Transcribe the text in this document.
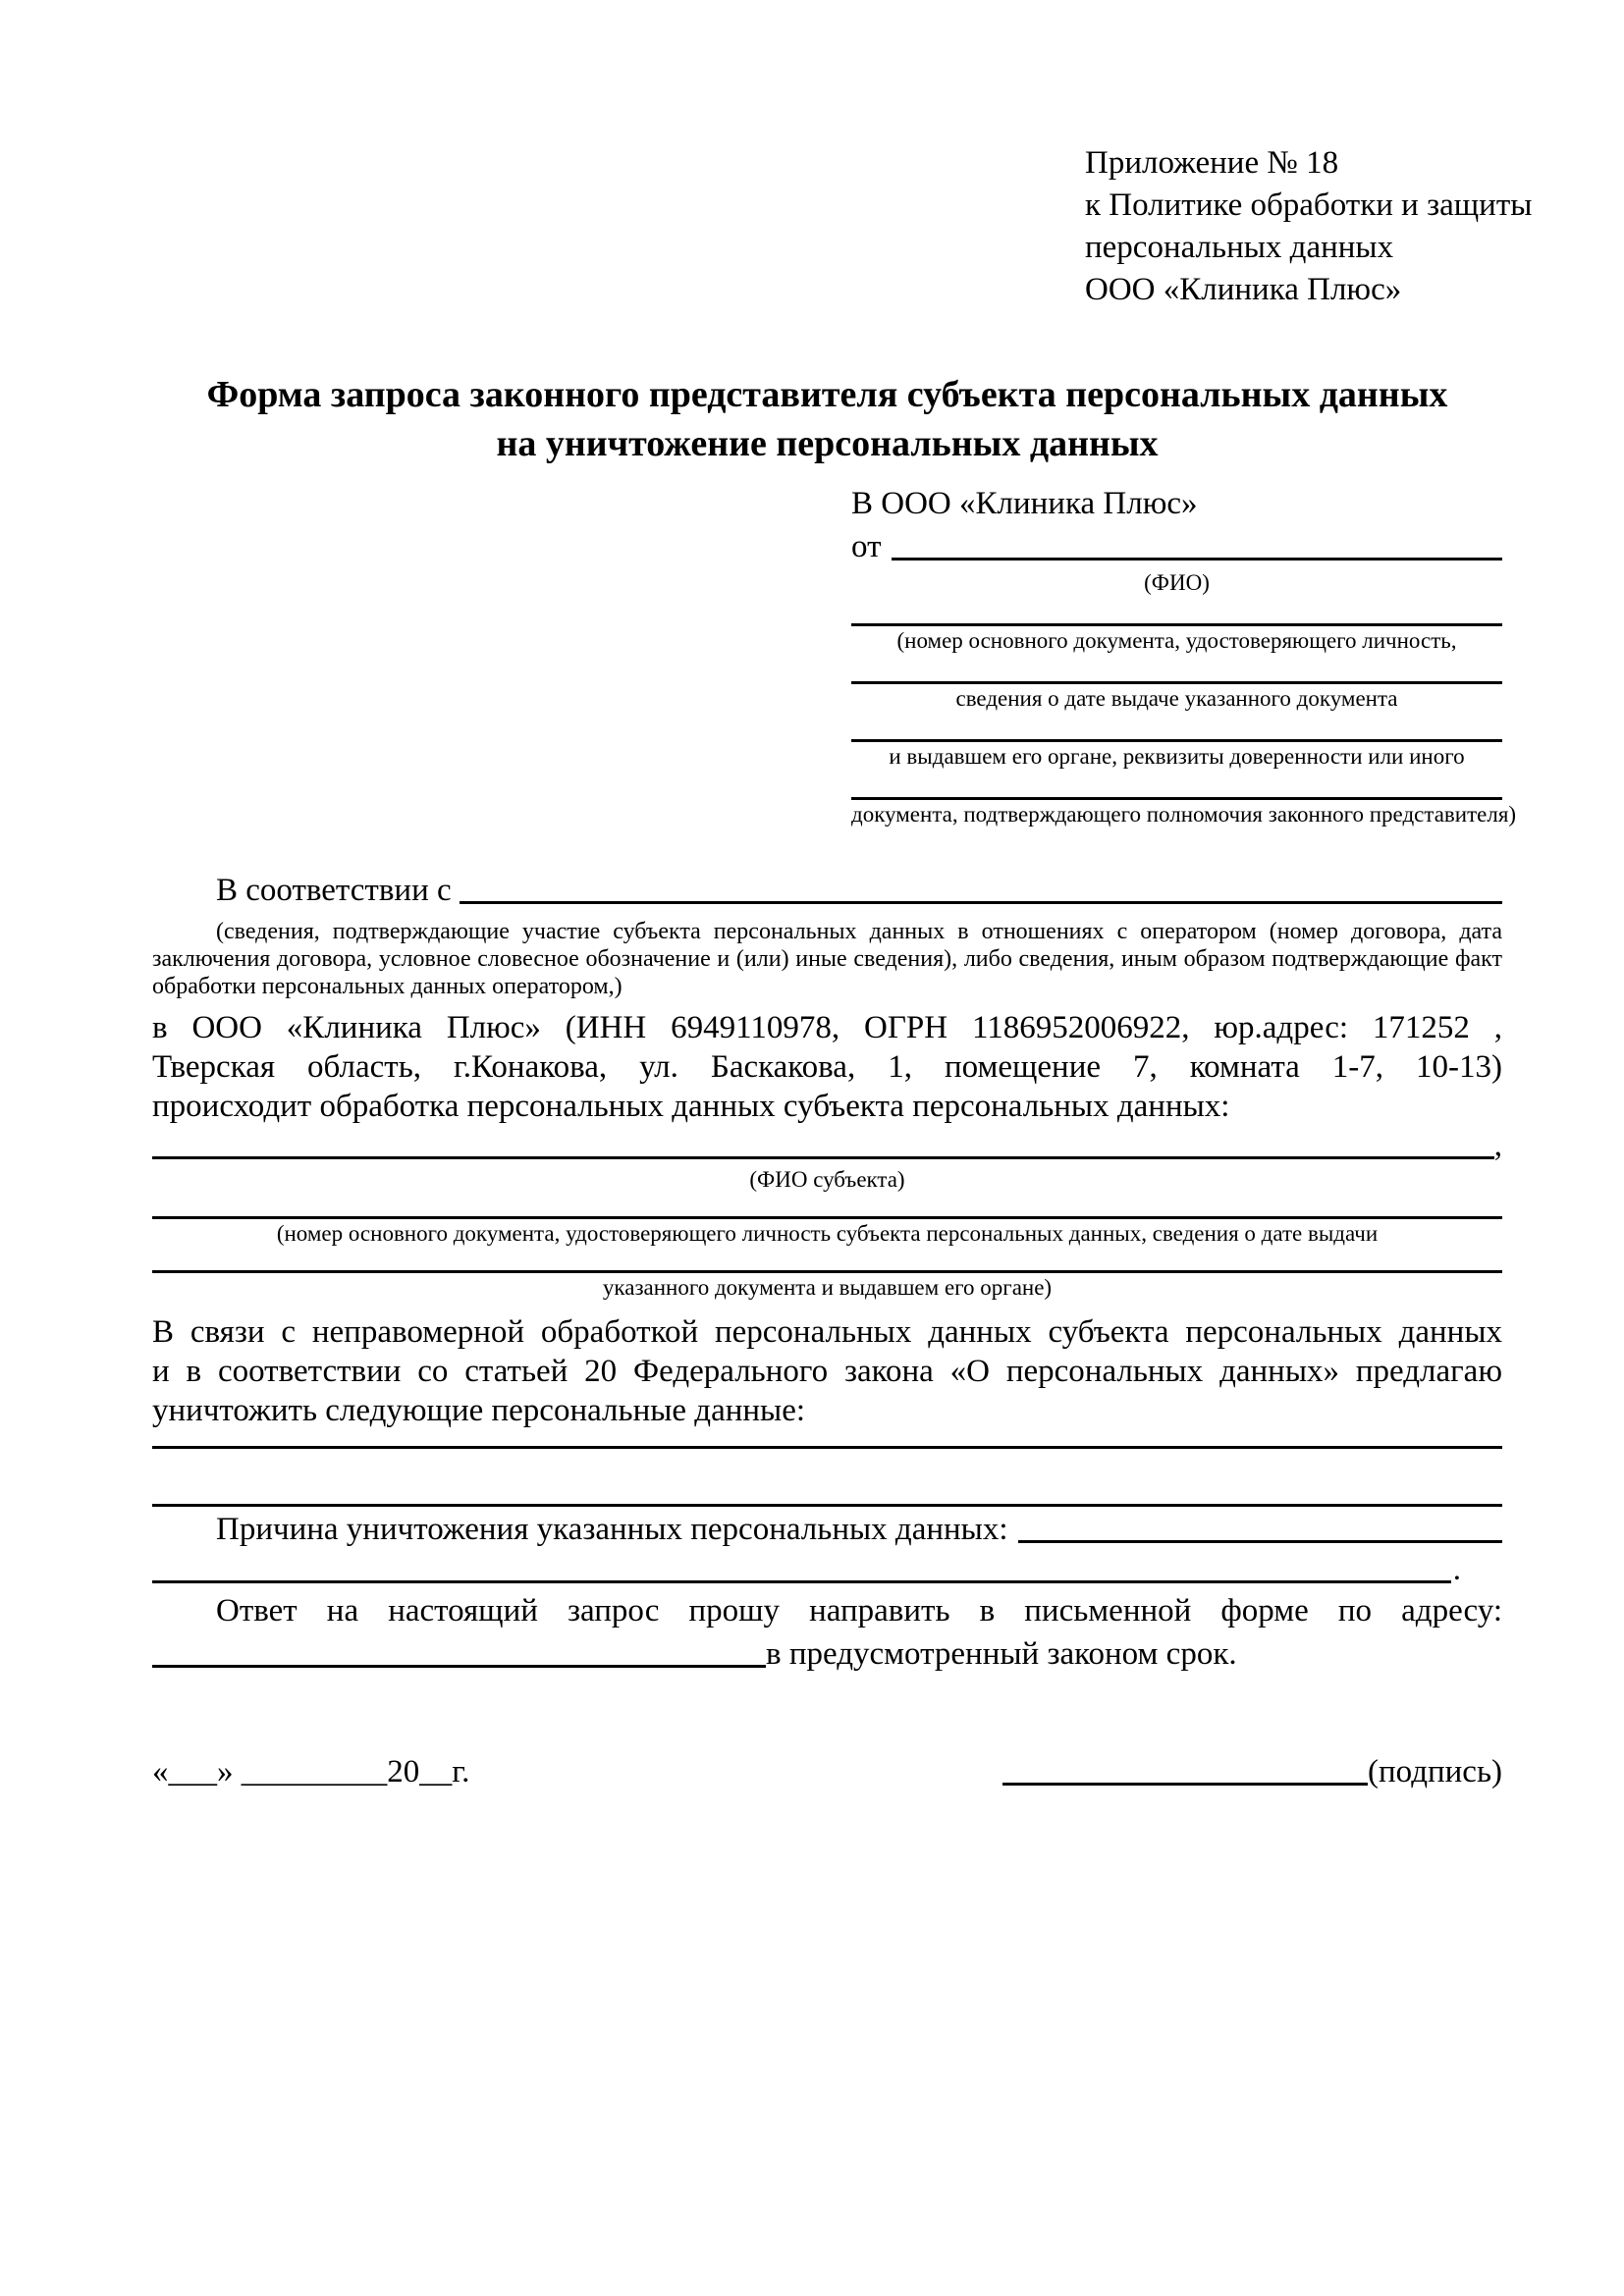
Приложение № 18
к Политике обработки и защиты
персональных данных
ООО «Клиника Плюс»
Форма запроса законного представителя субъекта персональных данных
на уничтожение персональных данных
В ООО «Клиника Плюс»
от
(ФИО)
(номер основного документа, удостоверяющего личность,
сведения о дате выдаче указанного документа
и выдавшем его органе, реквизиты доверенности или иного
документа, подтверждающего полномочия законного представителя)
В соответствии с
(сведения, подтверждающие участие субъекта персональных данных в отношениях с оператором (номер договора, дата
заключения договора, условное словесное обозначение и (или) иные сведения), либо сведения, иным образом подтверждающие факт
обработки персональных данных оператором,)
в ООО «Клиника Плюс» (ИНН 6949110978, ОГРН 1186952006922, юр.адрес: 171252 ,
Тверская область, г.Конакова, ул. Баскакова, 1, помещение 7, комната 1-7, 10-13)
происходит обработка персональных данных субъекта персональных данных:
,
(ФИО субъекта)
(номер основного документа, удостоверяющего личность субъекта персональных данных, сведения о дате выдачи
указанного документа и выдавшем его органе)
В связи с неправомерной обработкой персональных данных субъекта персональных данных
и в соответствии со статьей 20 Федерального закона «О персональных данных» предлагаю
уничтожить следующие персональные данные:
Причина уничтожения указанных персональных данных:
.
Ответ на настоящий запрос прошу направить в письменной форме по адресу:
в предусмотренный законом срок.
«___» _________20__г.	(подпись)
